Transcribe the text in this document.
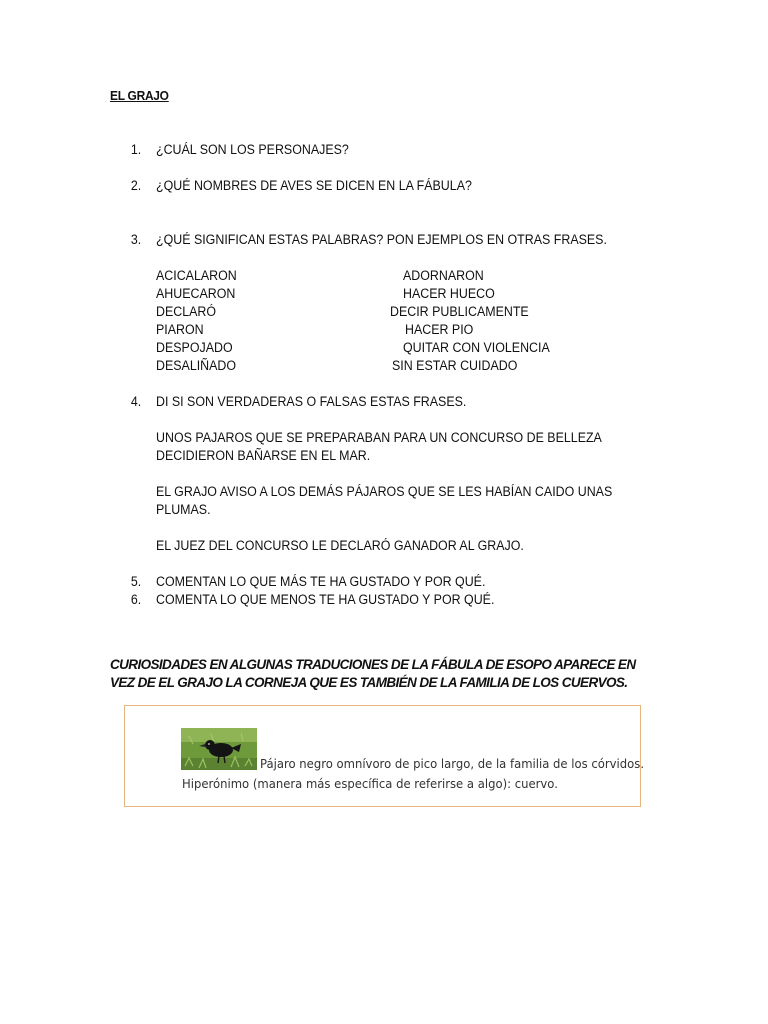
EL GRAJO
1. ¿CUÁL SON LOS PERSONAJES?
2. ¿QUÉ NOMBRES DE AVES SE DICEN EN LA FÁBULA?
3. ¿QUÉ SIGNIFICAN ESTAS PALABRAS? PON EJEMPLOS EN OTRAS FRASES.
ACICALARON	ADORNARON
AHUECARON	HACER HUECO
DECLARÓ	DECIR PUBLICAMENTE
PIARON	HACER PIO
DESPOJADO	QUITAR CON VIOLENCIA
DESALIÑADO	SIN ESTAR CUIDADO
4. DI SI SON VERDADERAS O FALSAS ESTAS FRASES.
UNOS PAJAROS QUE SE PREPARABAN PARA UN CONCURSO DE BELLEZA
DECIDIERON BAÑARSE EN EL MAR.
EL GRAJO AVISO A LOS DEMÁS PÁJAROS QUE SE LES HABÍAN CAIDO UNAS
PLUMAS.
EL JUEZ DEL CONCURSO LE DECLARÓ GANADOR AL GRAJO.
5. COMENTAN LO QUE MÁS TE HA GUSTADO Y POR QUÉ.
6. COMENTA LO QUE MENOS TE HA GUSTADO Y POR QUÉ.
CURIOSIDADES EN ALGUNAS TRADUCIONES DE LA FÁBULA DE ESOPO APARECE EN
VEZ DE EL GRAJO LA CORNEJA QUE ES TAMBIÉN DE LA FAMILIA DE LOS CUERVOS.
Pájaro negro omnívoro de pico largo, de la familia de los córvidos.
Hiperónimo (manera más específica de referirse a algo): cuervo.
